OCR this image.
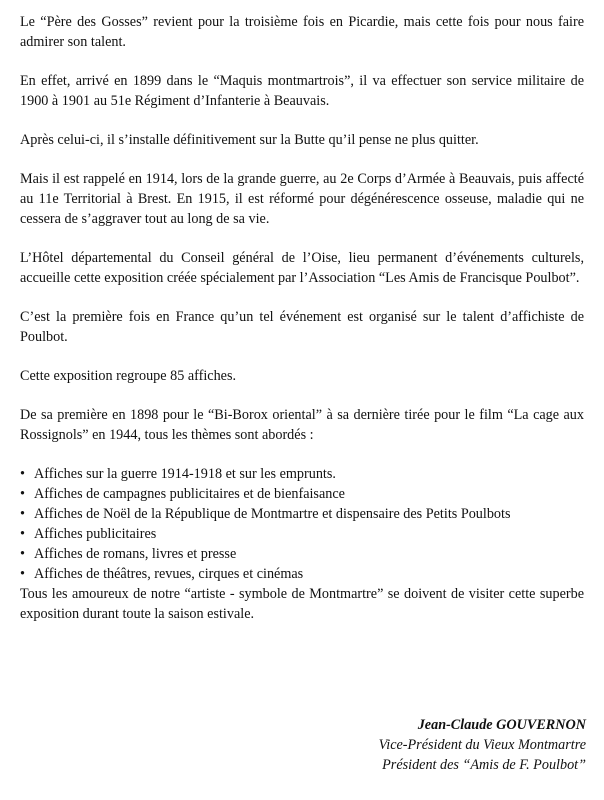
Le “Père des Gosses” revient pour la troisième fois en Picardie, mais cette fois pour nous faire admirer son talent.

En effet, arrivé en 1899 dans le “Maquis montmartrois”, il va effectuer son service militaire de 1900 à 1901 au 51e Régiment d’Infanterie à Beauvais.

Après celui-ci, il s’installe définitivement sur la Butte qu’il pense ne plus quitter.

Mais il est rappelé en 1914, lors de la grande guerre, au 2e Corps d’Armée à Beauvais, puis affecté au 11e Territorial à Brest. En 1915, il est réformé pour dégénérescence osseuse, maladie qui ne cessera de s’aggraver tout au long de sa vie.

L’Hôtel départemental du Conseil général de l’Oise, lieu permanent d’événements culturels, accueille cette exposition créée spécialement par l’Association “Les Amis de Francisque Poulbot”.

C’est la première fois en France qu’un tel événement est organisé sur le talent d’affichiste de Poulbot.

Cette exposition regroupe 85 affiches.

De sa première en 1898 pour le “Bi-Borox oriental” à sa dernière tirée pour le film “La cage aux Rossignols” en 1944, tous les thèmes sont abordés :

• Affiches sur la guerre 1914-1918 et sur les emprunts.
• Affiches de campagnes publicitaires et de bienfaisance
• Affiches de Noël de la République de Montmartre et dispensaire des Petits Poulbots
• Affiches publicitaires
• Affiches de romans, livres et presse
• Affiches de théâtres, revues, cirques et cinémas

Tous les amoureux de notre “artiste - symbole de Montmartre” se doivent de visiter cette superbe exposition durant toute la saison estivale.

Jean-Claude GOUVERNON
Vice-Président du Vieux Montmartre
Président des “Amis de F. Poulbot”
